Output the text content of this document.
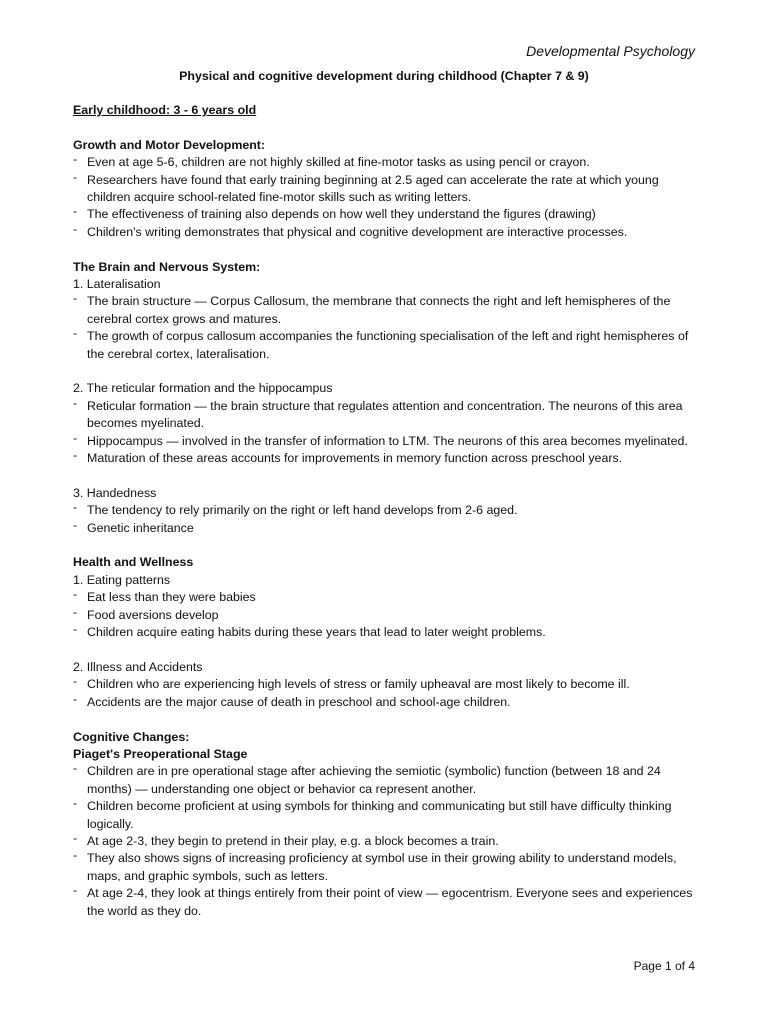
Developmental Psychology
Physical and cognitive development during childhood (Chapter 7 & 9)
Early childhood: 3 - 6 years old
Growth and Motor Development:
- Even at age 5-6, children are not highly skilled at fine-motor tasks as using pencil or crayon.
- Researchers have found that early training beginning at 2.5 aged can accelerate the rate at which young children acquire school-related fine-motor skills such as writing letters.
- The effectiveness of training also depends on how well they understand the figures (drawing)
- Children's writing demonstrates that physical and cognitive development are interactive processes.
The Brain and Nervous System:
1. Lateralisation
- The brain structure — Corpus Callosum, the membrane that connects the right and left hemispheres of the cerebral cortex grows and matures.
- The growth of corpus callosum accompanies the functioning specialisation of the left and right hemispheres of the cerebral cortex, lateralisation.
2. The reticular formation and the hippocampus
- Reticular formation — the brain structure that regulates attention and concentration. The neurons of this area becomes myelinated.
- Hippocampus — involved in the transfer of information to LTM. The neurons of this area becomes myelinated.
- Maturation of these areas accounts for improvements in memory function across preschool years.
3. Handedness
- The tendency to rely primarily on the right or left hand develops from 2-6 aged.
- Genetic inheritance
Health and Wellness
1. Eating patterns
- Eat less than they were babies
- Food aversions develop
- Children acquire eating habits during these years that lead to later weight problems.
2. Illness and Accidents
- Children who are experiencing high levels of stress or family upheaval are most likely to become ill.
- Accidents are the major cause of death in preschool and school-age children.
Cognitive Changes:
Piaget's Preoperational Stage
- Children are in pre operational stage after achieving the semiotic (symbolic) function (between 18 and 24 months) — understanding one object or behavior ca represent another.
- Children become proficient at using symbols for thinking and communicating but still have difficulty thinking logically.
- At age 2-3, they begin to pretend in their play, e.g. a block becomes a train.
- They also shows signs of increasing proficiency at symbol use in their growing ability to understand models, maps, and graphic symbols, such as letters.
- At age 2-4, they look at things entirely from their point of view — egocentrism. Everyone sees and experiences the world as they do.
Page 1 of 4
